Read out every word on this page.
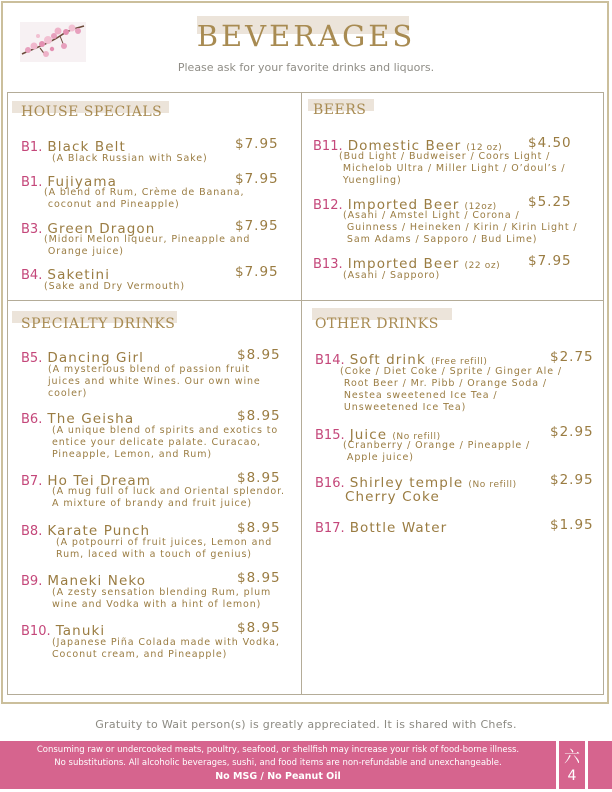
BEVERAGES
Please ask for your favorite drinks and liquors.
HOUSE SPECIALS	BEERS
SPECIALTY DRINKS	OTHER DRINKS
B1. Black Belt	$7.95
(A Black Russian with Sake)
B1. Fujiyama	$7.95
(A blend of Rum, Crème de Banana,
coconut and Pineapple)
B3. Green Dragon	$7.95
(Midori Melon liqueur, Pineapple and
Orange juice)
B4. Saketini	$7.95
(Sake and Dry Vermouth)
B11. Domestic Beer (12 oz) $4.50
(Bud Light / Budweiser / Coors Light /
Michelob Ultra / Miller Light / O’doul’s /
Yuengling)
B12. Imported Beer (12oz) $5.25
(Asahi / Amstel Light / Corona /
Guinness / Heineken / Kirin / Kirin Light /
Sam Adams / Sapporo / Bud Lime)
B13. Imported Beer (22 oz) $7.95
(Asahi / Sapporo)
B5. Dancing Girl	$8.95
(A mysterious blend of passion fruit
juices and white Wines. Our own wine
cooler)
B6. The Geisha	$8.95
(A unique blend of spirits and exotics to
entice your delicate palate. Curacao,
Pineapple, Lemon, and Rum)
B7. Ho Tei Dream	$8.95
(A mug full of luck and Oriental splendor.
A mixture of brandy and fruit juice)
B8. Karate Punch	$8.95
(A potpourri of fruit juices, Lemon and
Rum, laced with a touch of genius)
B9. Maneki Neko	$8.95
(A zesty sensation blending Rum, plum
wine and Vodka with a hint of lemon)
B10. Tanuki	$8.95
(Japanese Piña Colada made with Vodka,
Coconut cream, and Pineapple)
B14. Soft drink (Free refill)	$2.75
(Coke / Diet Coke / Sprite / Ginger Ale /
Root Beer / Mr. Pibb / Orange Soda /
Nestea sweetened Ice Tea /
Unsweetened Ice Tea)
B15. Juice (No refill)	$2.95
(Cranberry / Orange / Pineapple /
Apple juice)
B16. Shirley temple (No refill) $2.95
Cherry Coke
B17. Bottle Water	$1.95
Gratuity to Wait person(s) is greatly appreciated. It is shared with Chefs.
Consuming raw or undercooked meats, poultry, seafood, or shellfish may increase your risk of food-borne illness.
No substitutions. All alcoholic beverages, sushi, and food items are non-refundable and unexchangeable.
No MSG / No Peanut Oil
六
4
